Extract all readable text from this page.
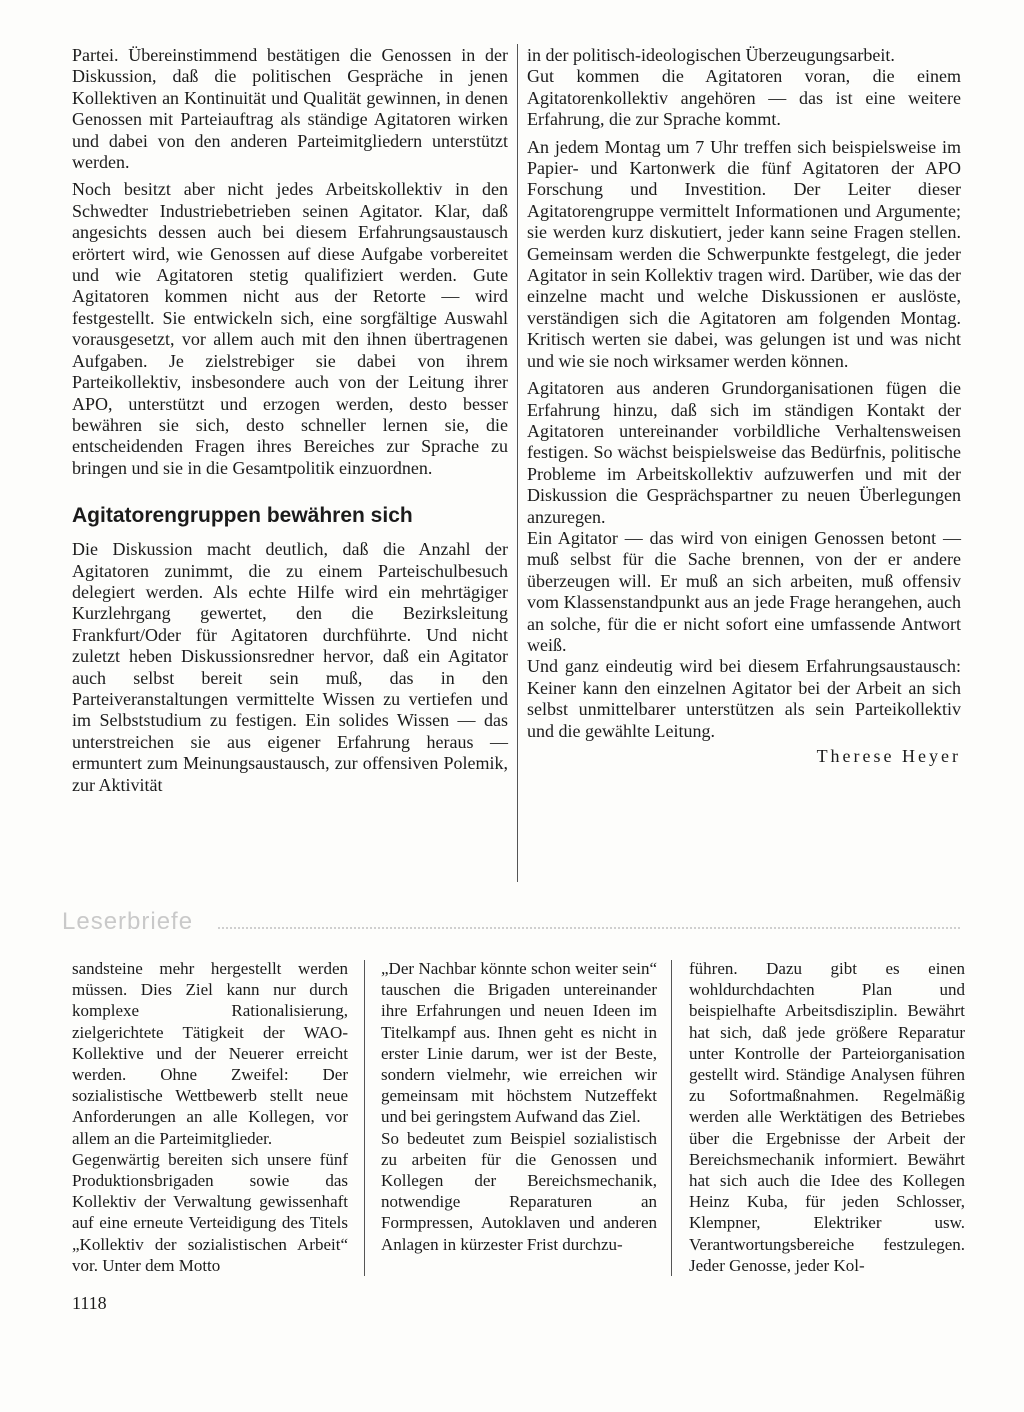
Partei. Übereinstimmend bestätigen die Genossen in der Diskussion, daß die politischen Gespräche in jenen Kollektiven an Kontinuität und Qualität gewinnen, in denen Genossen mit Parteiauftrag als ständige Agitatoren wirken und dabei von den anderen Parteimitgliedern unterstützt werden.

Noch besitzt aber nicht jedes Arbeitskollektiv in den Schwedter Industriebetrieben seinen Agitator. Klar, daß angesichts dessen auch bei diesem Erfahrungsaustausch erörtert wird, wie Genossen auf diese Aufgabe vorbereitet und wie Agitatoren stetig qualifiziert werden. Gute Agitatoren kommen nicht aus der Retorte — wird festgestellt. Sie entwickeln sich, eine sorgfältige Auswahl vorausgesetzt, vor allem auch mit den ihnen übertragenen Aufgaben. Je zielstrebiger sie dabei von ihrem Parteikollektiv, insbesondere auch von der Leitung ihrer APO, unterstützt und erzogen werden, desto besser bewähren sie sich, desto schneller lernen sie, die entscheidenden Fragen ihres Bereiches zur Sprache zu bringen und sie in die Gesamtpolitik einzuordnen.

Agitatorengruppen bewähren sich

Die Diskussion macht deutlich, daß die Anzahl der Agitatoren zunimmt, die zu einem Parteischulbesuch delegiert werden. Als echte Hilfe wird ein mehrtägiger Kurzlehrgang gewertet, den die Bezirksleitung Frankfurt/Oder für Agitatoren durchführte. Und nicht zuletzt heben Diskussionsredner hervor, daß ein Agitator auch selbst bereit sein muß, das in den Parteiveranstaltungen vermittelte Wissen zu vertiefen und im Selbststudium zu festigen. Ein solides Wissen — das unterstreichen sie aus eigener Erfahrung heraus — ermuntert zum Meinungsaustausch, zur offensiven Polemik, zur Aktivität

in der politisch-ideologischen Überzeugungsarbeit.

Gut kommen die Agitatoren voran, die einem Agitatorenkollektiv angehören — das ist eine weitere Erfahrung, die zur Sprache kommt.

An jedem Montag um 7 Uhr treffen sich beispielsweise im Papier- und Kartonwerk die fünf Agitatoren der APO Forschung und Investition. Der Leiter dieser Agitatorengruppe vermittelt Informationen und Argumente; sie werden kurz diskutiert, jeder kann seine Fragen stellen. Gemeinsam werden die Schwerpunkte festgelegt, die jeder Agitator in sein Kollektiv tragen wird. Darüber, wie das der einzelne macht und welche Diskussionen er auslöste, verständigen sich die Agitatoren am folgenden Montag. Kritisch werten sie dabei, was gelungen ist und was nicht und wie sie noch wirksamer werden können.

Agitatoren aus anderen Grundorganisationen fügen die Erfahrung hinzu, daß sich im ständigen Kontakt der Agitatoren untereinander vorbildliche Verhaltensweisen festigen. So wächst beispielsweise das Bedürfnis, politische Probleme im Arbeitskollektiv aufzuwerfen und mit der Diskussion die Gesprächspartner zu neuen Überlegungen anzuregen.

Ein Agitator — das wird von einigen Genossen betont — muß selbst für die Sache brennen, von der er andere überzeugen will. Er muß an sich arbeiten, muß offensiv vom Klassenstandpunkt aus an jede Frage herangehen, auch an solche, für die er nicht sofort eine umfassende Antwort weiß.

Und ganz eindeutig wird bei diesem Erfahrungsaustausch: Keiner kann den einzelnen Agitator bei der Arbeit an sich selbst unmittelbarer unterstützen als sein Parteikollektiv und die gewählte Leitung.

Therese Heyer

Leserbriefe

sandsteine mehr hergestellt werden müssen. Dies Ziel kann nur durch komplexe Rationalisierung, zielgerichtete Tätigkeit der WAO-Kollektive und der Neuerer erreicht werden. Ohne Zweifel: Der sozialistische Wettbewerb stellt neue Anforderungen an alle Kollegen, vor allem an die Parteimitglieder.

Gegenwärtig bereiten sich unsere fünf Produktionsbrigaden sowie das Kollektiv der Verwaltung gewissenhaft auf eine erneute Verteidigung des Titels „Kollektiv der sozialistischen Arbeit“ vor. Unter dem Motto

„Der Nachbar könnte schon weiter sein“ tauschen die Brigaden untereinander ihre Erfahrungen und neuen Ideen im Titelkampf aus. Ihnen geht es nicht in erster Linie darum, wer ist der Beste, sondern vielmehr, wie erreichen wir gemeinsam mit höchstem Nutzeffekt und bei geringstem Aufwand das Ziel.

So bedeutet zum Beispiel sozialistisch zu arbeiten für die Genossen und Kollegen der Bereichsmechanik, notwendige Reparaturen an Formpressen, Autoklaven und anderen Anlagen in kürzester Frist durchzu-

führen. Dazu gibt es einen wohldurchdachten Plan und beispielhafte Arbeitsdisziplin. Bewährt hat sich, daß jede größere Reparatur unter Kontrolle der Parteiorganisation gestellt wird. Ständige Analysen führen zu Sofortmaßnahmen. Regelmäßig werden alle Werktätigen des Betriebes über die Ergebnisse der Arbeit der Bereichsmechanik informiert. Bewährt hat sich auch die Idee des Kollegen Heinz Kuba, für jeden Schlosser, Klempner, Elektriker usw. Verantwortungsbereiche festzulegen. Jeder Genosse, jeder Kol-

1118
